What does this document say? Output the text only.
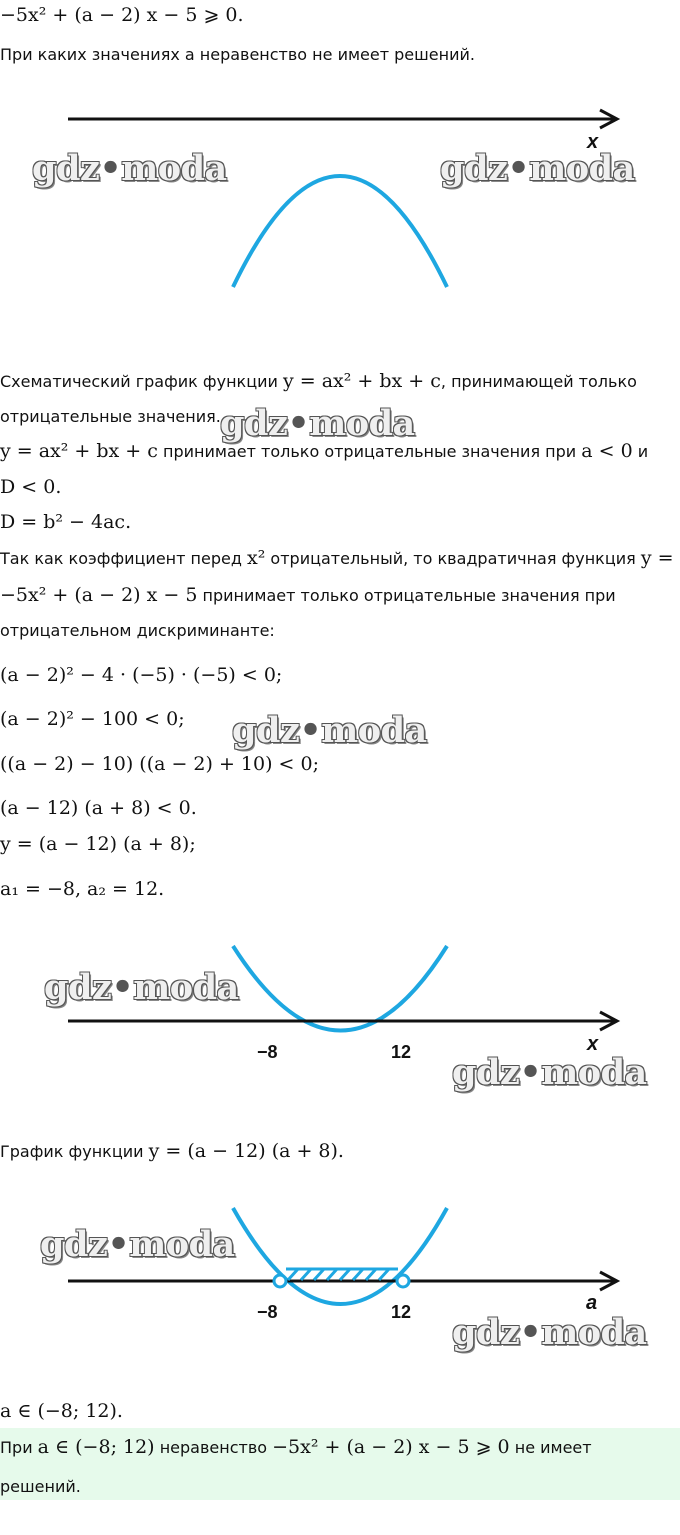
−5x² + (a − 2) x − 5 ⩾ 0.
При каких значениях a неравенство не имеет решений.
x
Схематический график функции y = ax² + bx + c, принимающей только
отрицательные значения.
y = ax² + bx + c принимает только отрицательные значения при a < 0 и
D < 0.
D = b² − 4ac.
Так как коэффициент перед x² отрицательный, то квадратичная функция y =
−5x² + (a − 2) x − 5 принимает только отрицательные значения при
отрицательном дискриминанте:
(a − 2)² − 4 · (−5) · (−5) < 0;
(a − 2)² − 100 < 0;
((a − 2) − 10) ((a − 2) + 10) < 0;
(a − 12) (a + 8) < 0.
y = (a − 12) (a + 8);
a₁ = −8, a₂ = 12.
x
−8	12
График функции y = (a − 12) (a + 8).
a
−8	12
a ∈ (−8; 12).
При a ∈ (−8; 12) неравенство −5x² + (a − 2) x − 5 ⩾ 0 не имеет
решений.
gdz•moda	gdz•moda
gdz•moda
gdz•moda
gdz•moda
gdz•moda
gdz•moda
gdz•moda
